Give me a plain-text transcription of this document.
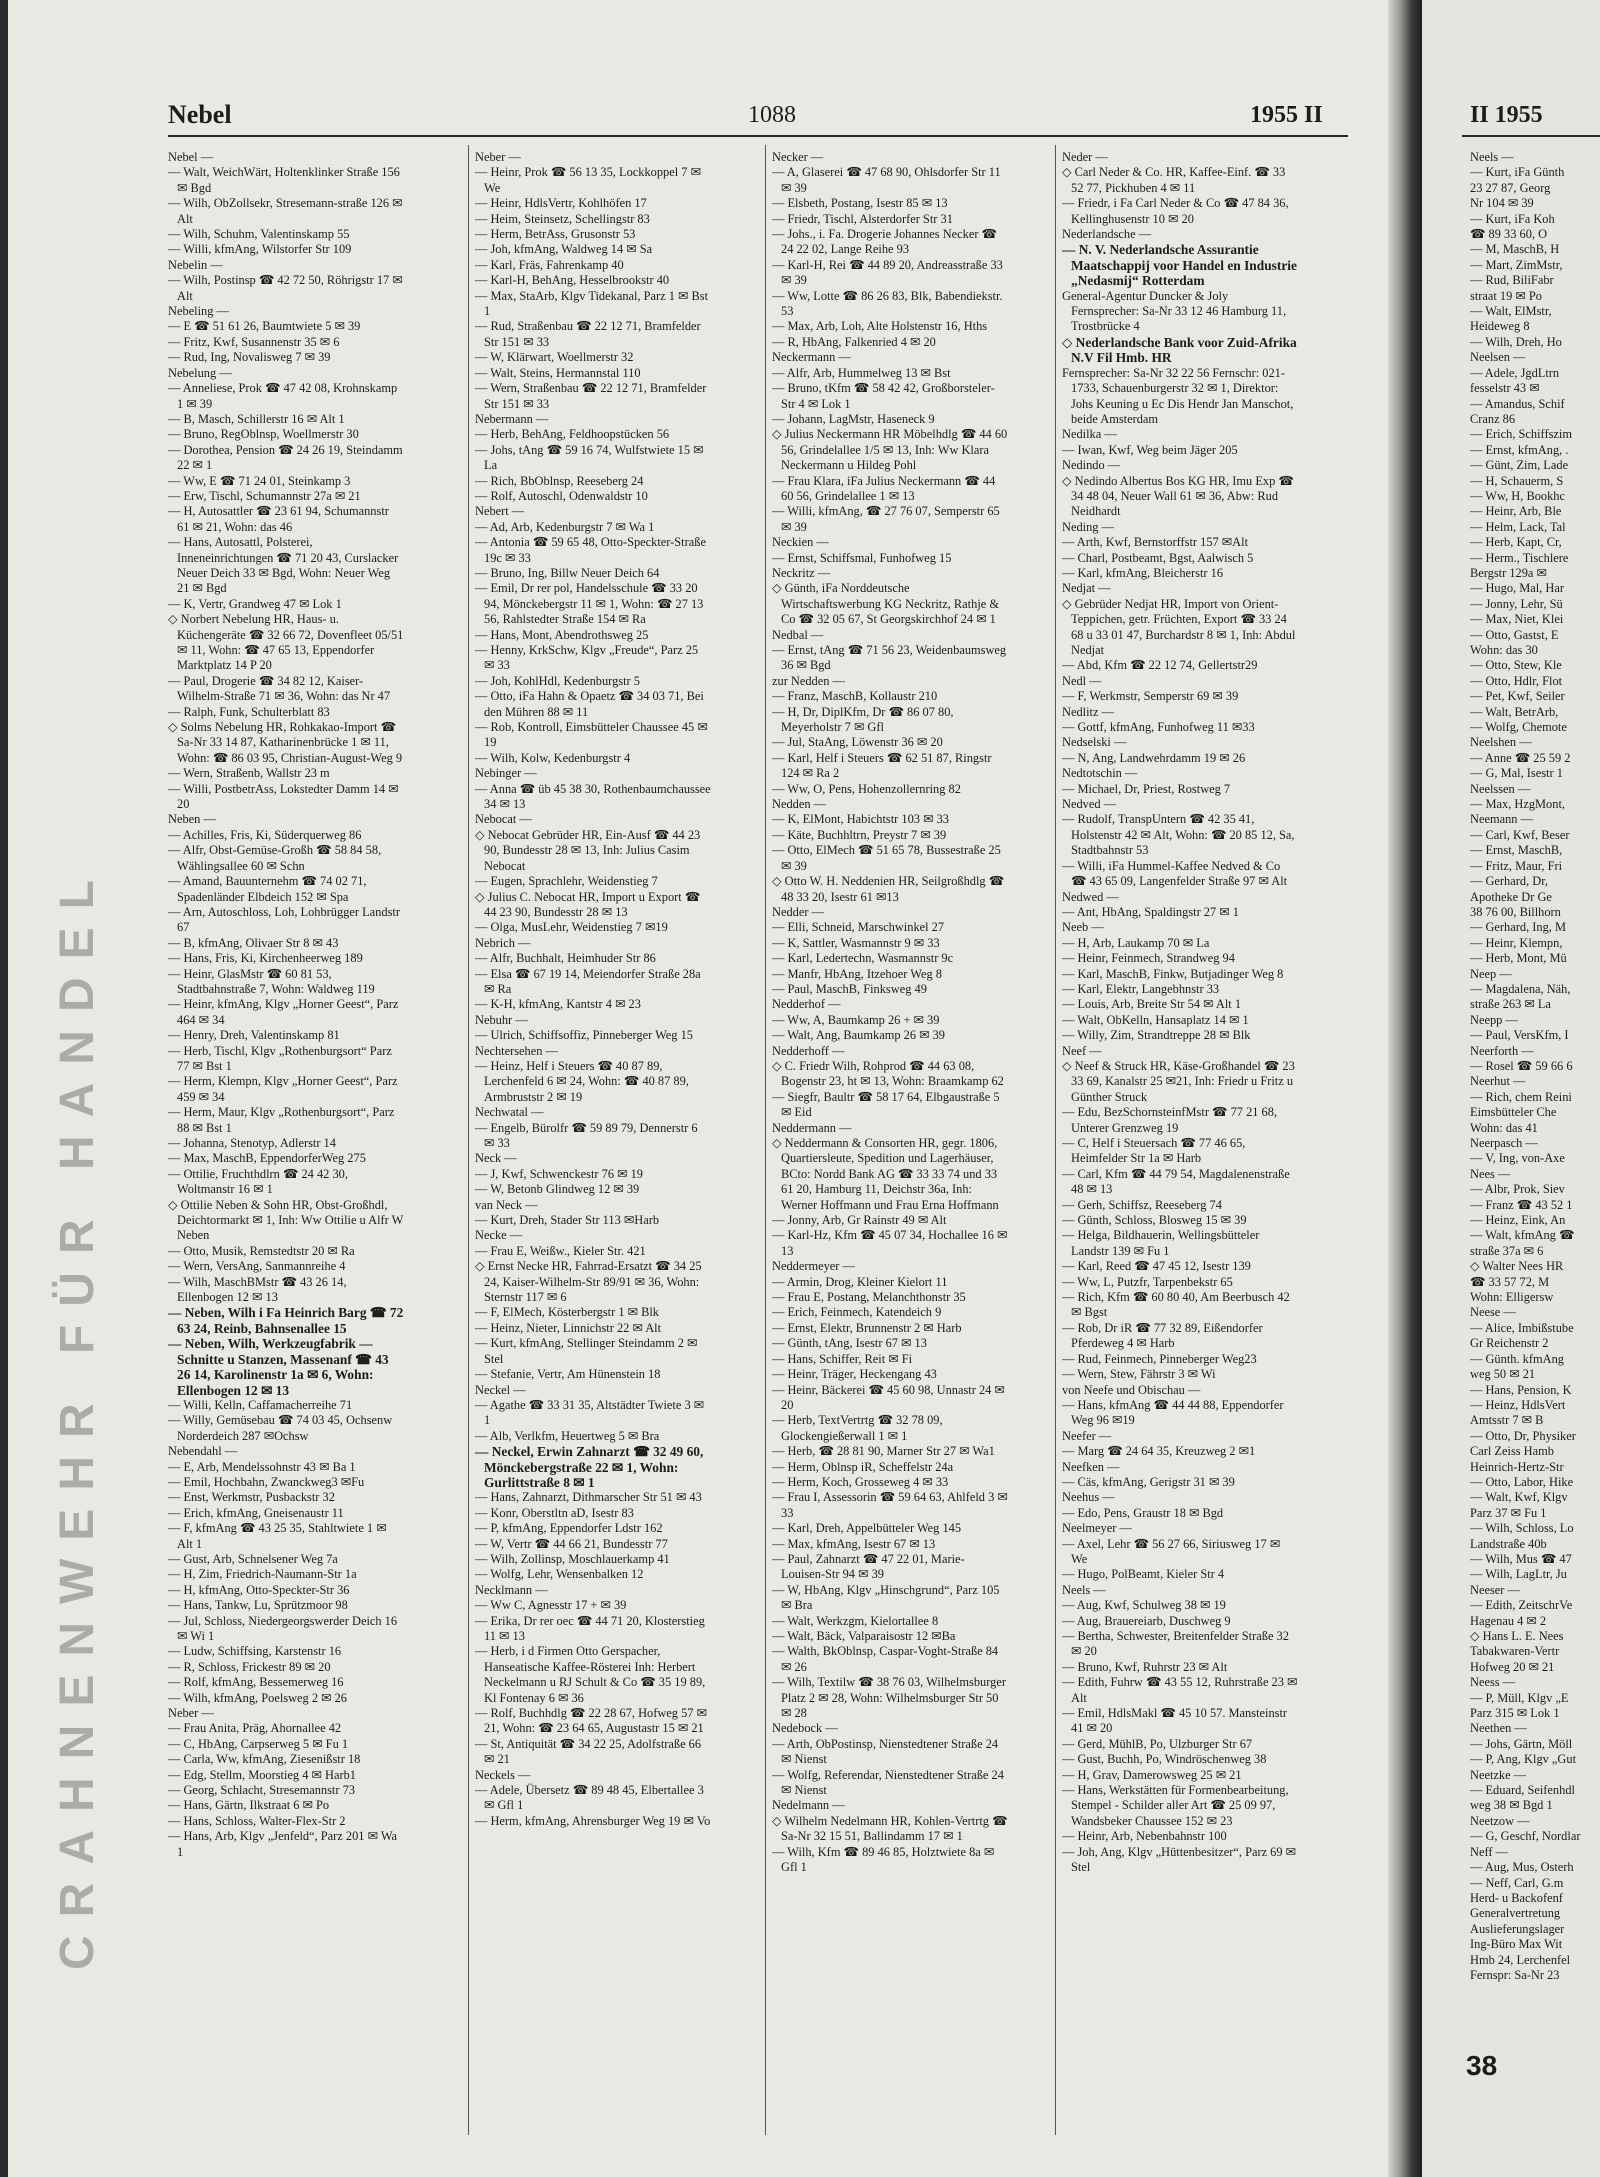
CRAHNENWEHR FÜR HANDEL
Nebel	1088	1955 II

Nebel —

— Walt, WeichWärt, Holtenklinker Straße 156 ✉ Bgd

— Wilh, ObZollsekr, Stresemann-straße 126 ✉ Alt

— Wilh, Schuhm, Valentinskamp 55

— Willi, kfmAng, Wilstorfer Str 109

Nebelin —

— Wilh, Postinsp ☎ 42 72 50, Röhrigstr 17 ✉ Alt

Nebeling —

— E ☎ 51 61 26, Baumtwiete 5 ✉ 39

— Fritz, Kwf, Susannenstr 35 ✉ 6

— Rud, Ing, Novalisweg 7 ✉ 39

Nebelung —

— Anneliese, Prok ☎ 47 42 08, Krohnskamp 1 ✉ 39

— B, Masch, Schillerstr 16 ✉ Alt 1

— Bruno, RegOblnsp, Woellmerstr 30

— Dorothea, Pension ☎ 24 26 19, Steindamm 22 ✉ 1

— Ww, E ☎ 71 24 01, Steinkamp 3

— Erw, Tischl, Schumannstr 27a ✉ 21

— H, Autosattler ☎ 23 61 94, Schumannstr 61 ✉ 21, Wohn: das 46

— Hans, Autosattl, Polsterei, Inneneinrichtungen ☎ 71 20 43, Curslacker Neuer Deich 33 ✉ Bgd, Wohn: Neuer Weg 21 ✉ Bgd

— K, Vertr, Grandweg 47 ✉ Lok 1

◇ Norbert Nebelung HR, Haus- u. Küchengeräte ☎ 32 66 72, Dovenfleet 05/51 ✉ 11, Wohn: ☎ 47 65 13, Eppendorfer Marktplatz 14 P 20

— Paul, Drogerie ☎ 34 82 12, Kaiser-Wilhelm-Straße 71 ✉ 36, Wohn: das Nr 47

— Ralph, Funk, Schulterblatt 83

◇ Solms Nebelung HR, Rohkakao-Import ☎ Sa-Nr 33 14 87, Katharinenbrücke 1 ✉ 11, Wohn: ☎ 86 03 95, Christian-August-Weg 9

— Wern, Straßenb, Wallstr 23 m

— Willi, PostbetrAss, Lokstedter Damm 14 ✉ 20

Neben —

— Achilles, Fris, Ki, Süderquerweg 86

— Alfr, Obst-Gemüse-Großh ☎ 58 84 58, Wählingsallee 60 ✉ Schn

— Amand, Bauunternehm ☎ 74 02 71, Spadenländer Elbdeich 152 ✉ Spa

— Arn, Autoschloss, Loh, Lohbrügger Landstr 67

— B, kfmAng, Olivaer Str 8 ✉ 43

— Hans, Fris, Ki, Kirchenheerweg 189

— Heinr, GlasMstr ☎ 60 81 53, Stadtbahnstraße 7, Wohn: Waldweg 119

— Heinr, kfmAng, Klgv „Horner Geest“, Parz 464 ✉ 34

— Henry, Dreh, Valentinskamp 81

— Herb, Tischl, Klgv „Rothenburgsort“ Parz 77 ✉ Bst 1

— Herm, Klempn, Klgv „Horner Geest“, Parz 459 ✉ 34

— Herm, Maur, Klgv „Rothenburgsort“, Parz 88 ✉ Bst 1

— Johanna, Stenotyp, Adlerstr 14

— Max, MaschB, EppendorferWeg 275

— Ottilie, Fruchthdlrn ☎ 24 42 30, Woltmanstr 16 ✉ 1

◇ Ottilie Neben & Sohn HR, Obst-Großhdl, Deichtormarkt ✉ 1, Inh: Ww Ottilie u Alfr W Neben

— Otto, Musik, Remstedtstr 20 ✉ Ra

— Wern, VersAng, Sanmannreihe 4

— Wilh, MaschBMstr ☎ 43 26 14, Ellenbogen 12 ✉ 13

— Neben, Wilh i Fa Heinrich Barg ☎ 72 63 24, Reinb, Bahnsenallee 15

— Neben, Wilh, Werkzeugfabrik — Schnitte u Stanzen, Massenanf ☎ 43 26 14, Karolinenstr 1a ✉ 6, Wohn: Ellenbogen 12 ✉ 13

— Willi, Kelln, Caffamacherreihe 71

— Willy, Gemüsebau ☎ 74 03 45, Ochsenw Norderdeich 287 ✉Ochsw

Nebendahl —

— E, Arb, Mendelssohnstr 43 ✉ Ba 1

— Emil, Hochbahn, Zwanckweg3 ✉Fu

— Enst, Werkmstr, Pusbackstr 32

— Erich, kfmAng, Gneisenaustr 11

— F, kfmAng ☎ 43 25 35, Stahltwiete 1 ✉ Alt 1

— Gust, Arb, Schnelsener Weg 7a

— H, Zim, Friedrich-Naumann-Str 1a

— H, kfmAng, Otto-Speckter-Str 36

— Hans, Tankw, Lu, Sprützmoor 98

— Jul, Schloss, Niedergeorgswerder Deich 16 ✉ Wi 1

— Ludw, Schiffsing, Karstenstr 16

— R, Schloss, Frickestr 89 ✉ 20

— Rolf, kfmAng, Bessemerweg 16

— Wilh, kfmAng, Poelsweg 2 ✉ 26

Neber —

— Frau Anita, Präg, Ahornallee 42

— C, HbAng, Carpserweg 5 ✉ Fu 1

— Carla, Ww, kfmAng, Ziesenißstr 18

— Edg, Stellm, Moorstieg 4 ✉ Harb1

— Georg, Schlacht, Stresemannstr 73

— Hans, Gärtn, Ilkstraat 6 ✉ Po

— Hans, Schloss, Walter-Flex-Str 2

— Hans, Arb, Klgv „Jenfeld“, Parz 201 ✉ Wa 1

Neber —

— Heinr, Prok ☎ 56 13 35, Lockkoppel 7 ✉ We

— Heinr, HdlsVertr, Kohlhöfen 17

— Heim, Steinsetz, Schellingstr 83

— Herm, BetrAss, Grusonstr 53

— Joh, kfmAng, Waldweg 14 ✉ Sa

— Karl, Fräs, Fahrenkamp 40

— Karl-H, BehAng, Hesselbrookstr 40

— Max, StaArb, Klgv Tidekanal, Parz 1 ✉ Bst 1

— Rud, Straßenbau ☎ 22 12 71, Bramfelder Str 151 ✉ 33

— W, Klärwart, Woellmerstr 32

— Walt, Steins, Hermannstal 110

— Wern, Straßenbau ☎ 22 12 71, Bramfelder Str 151 ✉ 33

Nebermann —

— Herb, BehAng, Feldhoopstücken 56

— Johs, tAng ☎ 59 16 74, Wulfstwiete 15 ✉ La

— Rich, BbOblnsp, Reeseberg 24

— Rolf, Autoschl, Odenwaldstr 10

Nebert —

— Ad, Arb, Kedenburgstr 7 ✉ Wa 1

— Antonia ☎ 59 65 48, Otto-Speckter-Straße 19c ✉ 33

— Bruno, Ing, Billw Neuer Deich 64

— Emil, Dr rer pol, Handelsschule ☎ 33 20 94, Mönckebergstr 11 ✉ 1, Wohn: ☎ 27 13 56, Rahlstedter Straße 154 ✉ Ra

— Hans, Mont, Abendrothsweg 25

— Henny, KrkSchw, Klgv „Freude“, Parz 25 ✉ 33

— Joh, KohlHdl, Kedenburgstr 5

— Otto, iFa Hahn & Opaetz ☎ 34 03 71, Bei den Mühren 88 ✉ 11

— Rob, Kontroll, Eimsbütteler Chaussee 45 ✉ 19

— Wilh, Kolw, Kedenburgstr 4

Nebinger —

— Anna ☎ üb 45 38 30, Rothenbaumchaussee 34 ✉ 13

Nebocat —

◇ Nebocat Gebrüder HR, Ein-Ausf ☎ 44 23 90, Bundesstr 28 ✉ 13, Inh: Julius Casim Nebocat

— Eugen, Sprachlehr, Weidenstieg 7

◇ Julius C. Nebocat HR, Import u Export ☎ 44 23 90, Bundesstr 28 ✉ 13

— Olga, MusLehr, Weidenstieg 7 ✉19

Nebrich —

— Alfr, Buchhalt, Heimhuder Str 86

— Elsa ☎ 67 19 14, Meiendorfer Straße 28a ✉ Ra

— K-H, kfmAng, Kantstr 4 ✉ 23

Nebuhr —

— Ulrich, Schiffsoffiz, Pinneberger Weg 15

Nechtersehen —

— Heinz, Helf i Steuers ☎ 40 87 89, Lerchenfeld 6 ✉ 24, Wohn: ☎ 40 87 89, Armbruststr 2 ✉ 19

Nechwatal —

— Engelb, Bürolfr ☎ 59 89 79, Dennerstr 6 ✉ 33

Neck —

— J, Kwf, Schwenckestr 76 ✉ 19

— W, Betonb Glindweg 12 ✉ 39

van Neck —

— Kurt, Dreh, Stader Str 113 ✉Harb

Necke —

— Frau E, Weißw., Kieler Str. 421

◇ Ernst Necke HR, Fahrrad-Ersatzt ☎ 34 25 24, Kaiser-Wilhelm-Str 89/91 ✉ 36, Wohn: Sternstr 117 ✉ 6

— F, ElMech, Kösterbergstr 1 ✉ Blk

— Heinz, Nieter, Linnichstr 22 ✉ Alt

— Kurt, kfmAng, Stellinger Steindamm 2 ✉ Stel

— Stefanie, Vertr, Am Hünenstein 18

Neckel —

— Agathe ☎ 33 31 35, Altstädter Twiete 3 ✉ 1

— Alb, Verlkfm, Heuertweg 5 ✉ Bra

— Neckel, Erwin Zahnarzt ☎ 32 49 60, Mönckebergstraße 22 ✉ 1, Wohn: Gurlittstraße 8 ✉ 1

— Hans, Zahnarzt, Dithmarscher Str 51 ✉ 43

— Konr, Oberstltn aD, Isestr 83

— P, kfmAng, Eppendorfer Ldstr 162

— W, Vertr ☎ 44 66 21, Bundesstr 77

— Wilh, Zollinsp, Moschlauerkamp 41

— Wolfg, Lehr, Wensenbalken 12

Necklmann —

— Ww C, Agnesstr 17 + ✉ 39

— Erika, Dr rer oec ☎ 44 71 20, Klosterstieg 11 ✉ 13

— Herb, i d Firmen Otto Gerspacher, Hanseatische Kaffee-Rösterei Inh: Herbert Neckelmann u RJ Schult & Co ☎ 35 19 89, Kl Fontenay 6 ✉ 36

— Rolf, Buchhdlg ☎ 22 28 67, Hofweg 57 ✉ 21, Wohn: ☎ 23 64 65, Augustastr 15 ✉ 21

— St, Antiquität ☎ 34 22 25, Adolfstraße 66 ✉ 21

Neckels —

— Adele, Übersetz ☎ 89 48 45, Elbertallee 3 ✉ Gfl 1

— Herm, kfmAng, Ahrensburger Weg 19 ✉ Vo

Necker —

— A, Glaserei ☎ 47 68 90, Ohlsdorfer Str 11 ✉ 39

— Elsbeth, Postang, Isestr 85 ✉ 13

— Friedr, Tischl, Alsterdorfer Str 31

— Johs., i. Fa. Drogerie Johannes Necker ☎ 24 22 02, Lange Reihe 93

— Karl-H, Rei ☎ 44 89 20, Andreasstraße 33 ✉ 39

— Ww, Lotte ☎ 86 26 83, Blk, Babendiekstr. 53

— Max, Arb, Loh, Alte Holstenstr 16, Hths

— R, HbAng, Falkenried 4 ✉ 20

Neckermann —

— Alfr, Arb, Hummelweg 13 ✉ Bst

— Bruno, tKfm ☎ 58 42 42, Großborsteler-Str 4 ✉ Lok 1

— Johann, LagMstr, Haseneck 9

◇ Julius Neckermann HR Möbelhdlg ☎ 44 60 56, Grindelallee 1/5 ✉ 13, Inh: Ww Klara Neckermann u Hildeg Pohl

— Frau Klara, iFa Julius Neckermann ☎ 44 60 56, Grindelallee 1 ✉ 13

— Willi, kfmAng, ☎ 27 76 07, Semperstr 65 ✉ 39

Neckien —

— Ernst, Schiffsmal, Funhofweg 15

Neckritz —

◇ Günth, iFa Norddeutsche Wirtschaftswerbung KG Neckritz, Rathje & Co ☎ 32 05 67, St Georgskirchhof 24 ✉ 1

Nedbal —

— Ernst, tAng ☎ 71 56 23, Weidenbaumsweg 36 ✉ Bgd

zur Nedden —

— Franz, MaschB, Kollaustr 210

— H, Dr, DiplKfm, Dr ☎ 86 07 80, Meyerholstr 7 ✉ Gfl

— Jul, StaAng, Löwenstr 36 ✉ 20

— Karl, Helf i Steuers ☎ 62 51 87, Ringstr 124 ✉ Ra 2

— Ww, O, Pens, Hohenzollernring 82

Nedden —

— K, ElMont, Habichtstr 103 ✉ 33

— Käte, Buchhltrn, Preystr 7 ✉ 39

— Otto, ElMech ☎ 51 65 78, Bussestraße 25 ✉ 39

◇ Otto W. H. Neddenien HR, Seilgroßhdlg ☎ 48 33 20, Isestr 61 ✉13

Nedder —

— Elli, Schneid, Marschwinkel 27

— K, Sattler, Wasmannstr 9 ✉ 33

— Karl, Ledertechn, Wasmannstr 9c

— Manfr, HbAng, Itzehoer Weg 8

— Paul, MaschB, Finksweg 49

Nedderhof —

— Ww, A, Baumkamp 26 + ✉ 39

— Walt, Ang, Baumkamp 26 ✉ 39

Nedderhoff —

◇ C. Friedr Wilh, Rohprod ☎ 44 63 08, Bogenstr 23, ht ✉ 13, Wohn: Braamkamp 62

— Siegfr, Baultr ☎ 58 17 64, Elbgaustraße 5 ✉ Eid

Neddermann —

◇ Neddermann & Consorten HR, gegr. 1806, Quartiersleute, Spedition und Lagerhäuser, BCto: Nordd Bank AG ☎ 33 33 74 und 33 61 20, Hamburg 11, Deichstr 36a, Inh: Werner Hoffmann und Frau Erna Hoffmann

— Jonny, Arb, Gr Rainstr 49 ✉ Alt

— Karl-Hz, Kfm ☎ 45 07 34, Hochallee 16 ✉ 13

Neddermeyer —

— Armin, Drog, Kleiner Kielort 11

— Frau E, Postang, Melanchthonstr 35

— Erich, Feinmech, Katendeich 9

— Ernst, Elektr, Brunnenstr 2 ✉ Harb

— Günth, tAng, Isestr 67 ✉ 13

— Hans, Schiffer, Reit ✉ Fi

— Heinr, Träger, Heckengang 43

— Heinr, Bäckerei ☎ 45 60 98, Unnastr 24 ✉ 20

— Herb, TextVertrtg ☎ 32 78 09, Glockengießerwall 1 ✉ 1

— Herb, ☎ 28 81 90, Marner Str 27 ✉ Wa1

— Herm, Oblnsp iR, Scheffelstr 24a

— Herm, Koch, Grosseweg 4 ✉ 33

— Frau I, Assessorin ☎ 59 64 63, Ahlfeld 3 ✉ 33

— Karl, Dreh, Appelbütteler Weg 145

— Max, kfmAng, Isestr 67 ✉ 13

— Paul, Zahnarzt ☎ 47 22 01, Marie-Louisen-Str 94 ✉ 39

— W, HbAng, Klgv „Hinschgrund“, Parz 105 ✉ Bra

— Walt, Werkzgm, Kielortallee 8

— Walt, Bäck, Valparaisostr 12 ✉Ba

— Walth, BkOblnsp, Caspar-Voght-Straße 84 ✉ 26

— Wilh, Textilw ☎ 38 76 03, Wilhelmsburger Platz 2 ✉ 28, Wohn: Wilhelmsburger Str 50 ✉ 28

Nedebock —

— Arth, ObPostinsp, Nienstedtener Straße 24 ✉ Nienst

— Wolfg, Referendar, Nienstedtener Straße 24 ✉ Nienst

Nedelmann —

◇ Wilhelm Nedelmann HR, Kohlen-Vertrtg ☎ Sa-Nr 32 15 51, Ballindamm 17 ✉ 1

— Wilh, Kfm ☎ 89 46 85, Holztwiete 8a ✉ Gfl 1

Neder —

◇ Carl Neder & Co. HR, Kaffee-Einf. ☎ 33 52 77, Pickhuben 4 ✉ 11

— Friedr, i Fa Carl Neder & Co ☎ 47 84 36, Kellinghusenstr 10 ✉ 20

Nederlandsche —

— N. V. Nederlandsche Assurantie Maatschappij voor Handel en Industrie „Nedasmij“ Rotterdam

General-Agentur Duncker & Joly Fernsprecher: Sa-Nr 33 12 46 Hamburg 11, Trostbrücke 4

◇ Nederlandsche Bank voor Zuid-Afrika N.V Fil Hmb. HR

Fernsprecher: Sa-Nr 32 22 56 Fernschr: 021-1733, Schauenburgerstr 32 ✉ 1, Direktor: Johs Keuning u Ec Dis Hendr Jan Manschot, beide Amsterdam

Nedilka —

— Iwan, Kwf, Weg beim Jäger 205

Nedindo —

◇ Nedindo Albertus Bos KG HR, Imu Exp ☎ 34 48 04, Neuer Wall 61 ✉ 36, Abw: Rud Neidhardt

Neding —

— Arth, Kwf, Bernstorffstr 157 ✉Alt

— Charl, Postbeamt, Bgst, Aalwisch 5

— Karl, kfmAng, Bleicherstr 16

Nedjat —

◇ Gebrüder Nedjat HR, Import von Orient-Teppichen, getr. Früchten, Export ☎ 33 24 68 u 33 01 47, Burchardstr 8 ✉ 1, Inh: Abdul Nedjat

— Abd, Kfm ☎ 22 12 74, Gellertstr29

Nedl —

— F, Werkmstr, Semperstr 69 ✉ 39

Nedlitz —

— Gottf, kfmAng, Funhofweg 11 ✉33

Nedselski —

— N, Ang, Landwehrdamm 19 ✉ 26

Nedtotschin —

— Michael, Dr, Priest, Rostweg 7

Nedved —

— Rudolf, TranspUntern ☎ 42 35 41, Holstenstr 42 ✉ Alt, Wohn: ☎ 20 85 12, Sa, Stadtbahnstr 53

— Willi, iFa Hummel-Kaffee Nedved & Co ☎ 43 65 09, Langenfelder Straße 97 ✉ Alt

Nedwed —

— Ant, HbAng, Spaldingstr 27 ✉ 1

Neeb —

— H, Arb, Laukamp 70 ✉ La

— Heinr, Feinmech, Strandweg 94

— Karl, MaschB, Finkw, Butjadinger Weg 8

— Karl, Elektr, Langebhnstr 33

— Louis, Arb, Breite Str 54 ✉ Alt 1

— Walt, ObKelln, Hansaplatz 14 ✉ 1

— Willy, Zim, Strandtreppe 28 ✉ Blk

Neef —

◇ Neef & Struck HR, Käse-Großhandel ☎ 23 33 69, Kanalstr 25 ✉21, Inh: Friedr u Fritz u Günther Struck

— Edu, BezSchornsteinfMstr ☎ 77 21 68, Unterer Grenzweg 19

— C, Helf i Steuersach ☎ 77 46 65, Heimfelder Str 1a ✉ Harb

— Carl, Kfm ☎ 44 79 54, Magdalenenstraße 48 ✉ 13

— Gerh, Schiffsz, Reeseberg 74

— Günth, Schloss, Blosweg 15 ✉ 39

— Helga, Bildhauerin, Wellingsbütteler Landstr 139 ✉ Fu 1

— Karl, Reed ☎ 47 45 12, Isestr 139

— Ww, L, Putzfr, Tarpenbekstr 65

— Rich, Kfm ☎ 60 80 40, Am Beerbusch 42 ✉ Bgst

— Rob, Dr iR ☎ 77 32 89, Eißendorfer Pferdeweg 4 ✉ Harb

— Rud, Feinmech, Pinneberger Weg23

— Wern, Stew, Fährstr 3 ✉ Wi

von Neefe und Obischau —

— Hans, kfmAng ☎ 44 44 88, Eppendorfer Weg 96 ✉19

Neefer —

— Marg ☎ 24 64 35, Kreuzweg 2 ✉1

Neefken —

— Cäs, kfmAng, Gerigstr 31 ✉ 39

Neehus —

— Edo, Pens, Graustr 18 ✉ Bgd

Neelmeyer —

— Axel, Lehr ☎ 56 27 66, Siriusweg 17 ✉ We

— Hugo, PolBeamt, Kieler Str 4

Neels —

— Aug, Kwf, Schulweg 38 ✉ 19

— Aug, Brauereiarb, Duschweg 9

— Bertha, Schwester, Breitenfelder Straße 32 ✉ 20

— Bruno, Kwf, Ruhrstr 23 ✉ Alt

— Edith, Fuhrw ☎ 43 55 12, Ruhrstraße 23 ✉ Alt

— Emil, HdlsMakl ☎ 45 10 57. Mansteinstr 41 ✉ 20

— Gerd, MühlB, Po, Ulzburger Str 67

— Gust, Buchh, Po, Windröschenweg 38

— H, Grav, Damerowsweg 25 ✉ 21

— Hans, Werkstätten für Formenbearbeitung, Stempel - Schilder aller Art ☎ 25 09 97, Wandsbeker Chaussee 152 ✉ 23

— Heinr, Arb, Nebenbahnstr 100

— Joh, Ang, Klgv „Hüttenbesitzer“, Parz 69 ✉ Stel

II 1955
Neels —
— Kurt, iFa Günth
23 27 87, Georg
Nr 104 ✉ 39
— Kurt, iFa Koh
☎ 89 33 60, O
— M, MaschB, H
— Mart, ZimMstr,
— Rud, BiliFabr
straat 19 ✉ Po
— Walt, ElMstr,
Heideweg 8
— Wilh, Dreh, Ho
Neelsen —
— Adele, JgdLtrn
fesselstr 43 ✉
— Amandus, Schif
Cranz 86
— Erich, Schiffszim
— Ernst, kfmAng, .
— Günt, Zim, Lade
— H, Schauerm, S
— Ww, H, Bookhc
— Heinr, Arb, Ble
— Helm, Lack, Tal
— Herb, Kapt, Cr,
— Herm., Tischlere
Bergstr 129a ✉
— Hugo, Mal, Har
— Jonny, Lehr, Sü
— Max, Niet, Klei
— Otto, Gastst, E
Wohn: das 30
— Otto, Stew, Kle
— Otto, Hdlr, Flot
— Pet, Kwf, Seiler
— Walt, BetrArb,
— Wolfg, Chemote
Neelshen —
— Anne ☎ 25 59 2
— G, Mal, Isestr 1
Neelssen —
— Max, HzgMont,
Neemann —
— Carl, Kwf, Beser
— Ernst, MaschB,
— Fritz, Maur, Fri
— Gerhard, Dr,
Apotheke Dr Ge
38 76 00, Billhorn
— Gerhard, Ing, M
— Heinr, Klempn,
— Herb, Mont, Mü
Neep —
— Magdalena, Näh,
straße 263 ✉ La
Neepp —
— Paul, VersKfm, I
Neerforth —
— Rosel ☎ 59 66 6
Neerhut —
— Rich, chem Reini
Eimsbütteler Che
Wohn: das 41
Neerpasch —
— V, Ing, von-Axe
Nees —
— Albr, Prok, Siev
— Franz ☎ 43 52 1
— Heinz, Eink, An
— Walt, kfmAng ☎
straße 37a ✉ 6
◇ Walter Nees HR
☎ 33 57 72, M
Wohn: Elligersw
Neese —
— Alice, Imbißstube
Gr Reichenstr 2
— Günth. kfmAng
weg 50 ✉ 21
— Hans, Pension, K
— Heinz, HdlsVert
Amtsstr 7 ✉ B
— Otto, Dr, Physiker
Carl Zeiss Hamb
Heinrich-Hertz-Str
— Otto, Labor, Hike
— Walt, Kwf, Klgv
Parz 37 ✉ Fu 1
— Wilh, Schloss, Lo
Landstraße 40b
— Wilh, Mus ☎ 47
— Wilh, LagLtr, Ju
Neeser —
— Edith, ZeitschrVe
Hagenau 4 ✉ 2
◇ Hans L. E. Nees
Tabakwaren-Vertr
Hofweg 20 ✉ 21
Neess —
— P, Müll, Klgv „E
Parz 315 ✉ Lok 1
Neethen —
— Johs, Gärtn, Möll
— P, Ang, Klgv „Gut
Neetzke —
— Eduard, Seifenhdl
weg 38 ✉ Bgd 1
Neetzow —
— G, Geschf, Nordlar
Neff —
— Aug, Mus, Osterh
— Neff, Carl, G.m
Herd- u Backofenf
Generalvertretung
Auslieferungslager
Ing-Büro Max Wit
Hmb 24, Lerchenfel
Fernspr: Sa-Nr 23
38
